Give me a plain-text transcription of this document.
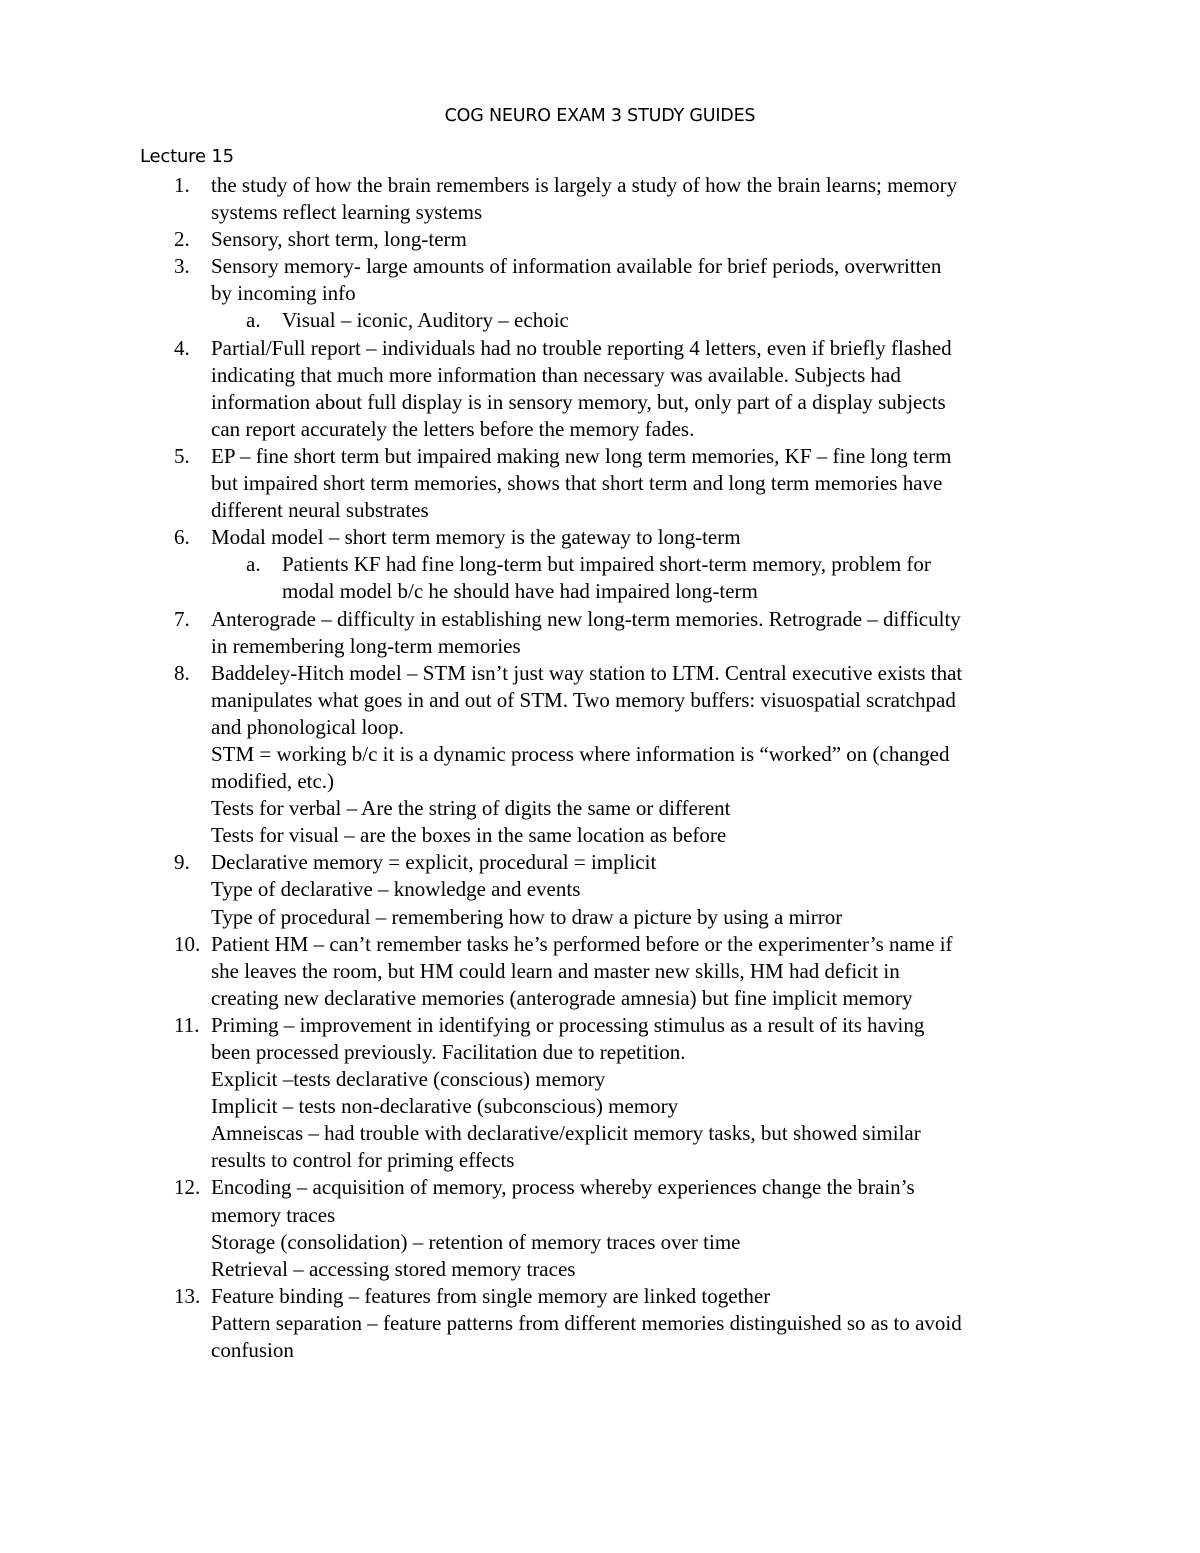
COG NEURO EXAM 3 STUDY GUIDES
Lecture 15
1. the study of how the brain remembers is largely a study of how the brain learns; memory
systems reflect learning systems
2. Sensory, short term, long-term
3. Sensory memory- large amounts of information available for brief periods, overwritten
by incoming info
a. Visual – iconic, Auditory – echoic
4. Partial/Full report – individuals had no trouble reporting 4 letters, even if briefly flashed
indicating that much more information than necessary was available. Subjects had
information about full display is in sensory memory, but, only part of a display subjects
can report accurately the letters before the memory fades.
5. EP – fine short term but impaired making new long term memories, KF – fine long term
but impaired short term memories, shows that short term and long term memories have
different neural substrates
6. Modal model – short term memory is the gateway to long-term
a. Patients KF had fine long-term but impaired short-term memory, problem for
modal model b/c he should have had impaired long-term
7. Anterograde – difficulty in establishing new long-term memories. Retrograde – difficulty
in remembering long-term memories
8. Baddeley-Hitch model – STM isn’t just way station to LTM. Central executive exists that
manipulates what goes in and out of STM. Two memory buffers: visuospatial scratchpad
and phonological loop.
STM = working b/c it is a dynamic process where information is “worked” on (changed
modified, etc.)
Tests for verbal – Are the string of digits the same or different
Tests for visual – are the boxes in the same location as before
9. Declarative memory = explicit, procedural = implicit
Type of declarative – knowledge and events
Type of procedural – remembering how to draw a picture by using a mirror
10. Patient HM – can’t remember tasks he’s performed before or the experimenter’s name if
she leaves the room, but HM could learn and master new skills, HM had deficit in
creating new declarative memories (anterograde amnesia) but fine implicit memory
11. Priming – improvement in identifying or processing stimulus as a result of its having
been processed previously. Facilitation due to repetition.
Explicit –tests declarative (conscious) memory
Implicit – tests non-declarative (subconscious) memory
Amneiscas – had trouble with declarative/explicit memory tasks, but showed similar
results to control for priming effects
12. Encoding – acquisition of memory, process whereby experiences change the brain’s
memory traces
Storage (consolidation) – retention of memory traces over time
Retrieval – accessing stored memory traces
13. Feature binding – features from single memory are linked together
Pattern separation – feature patterns from different memories distinguished so as to avoid
confusion
